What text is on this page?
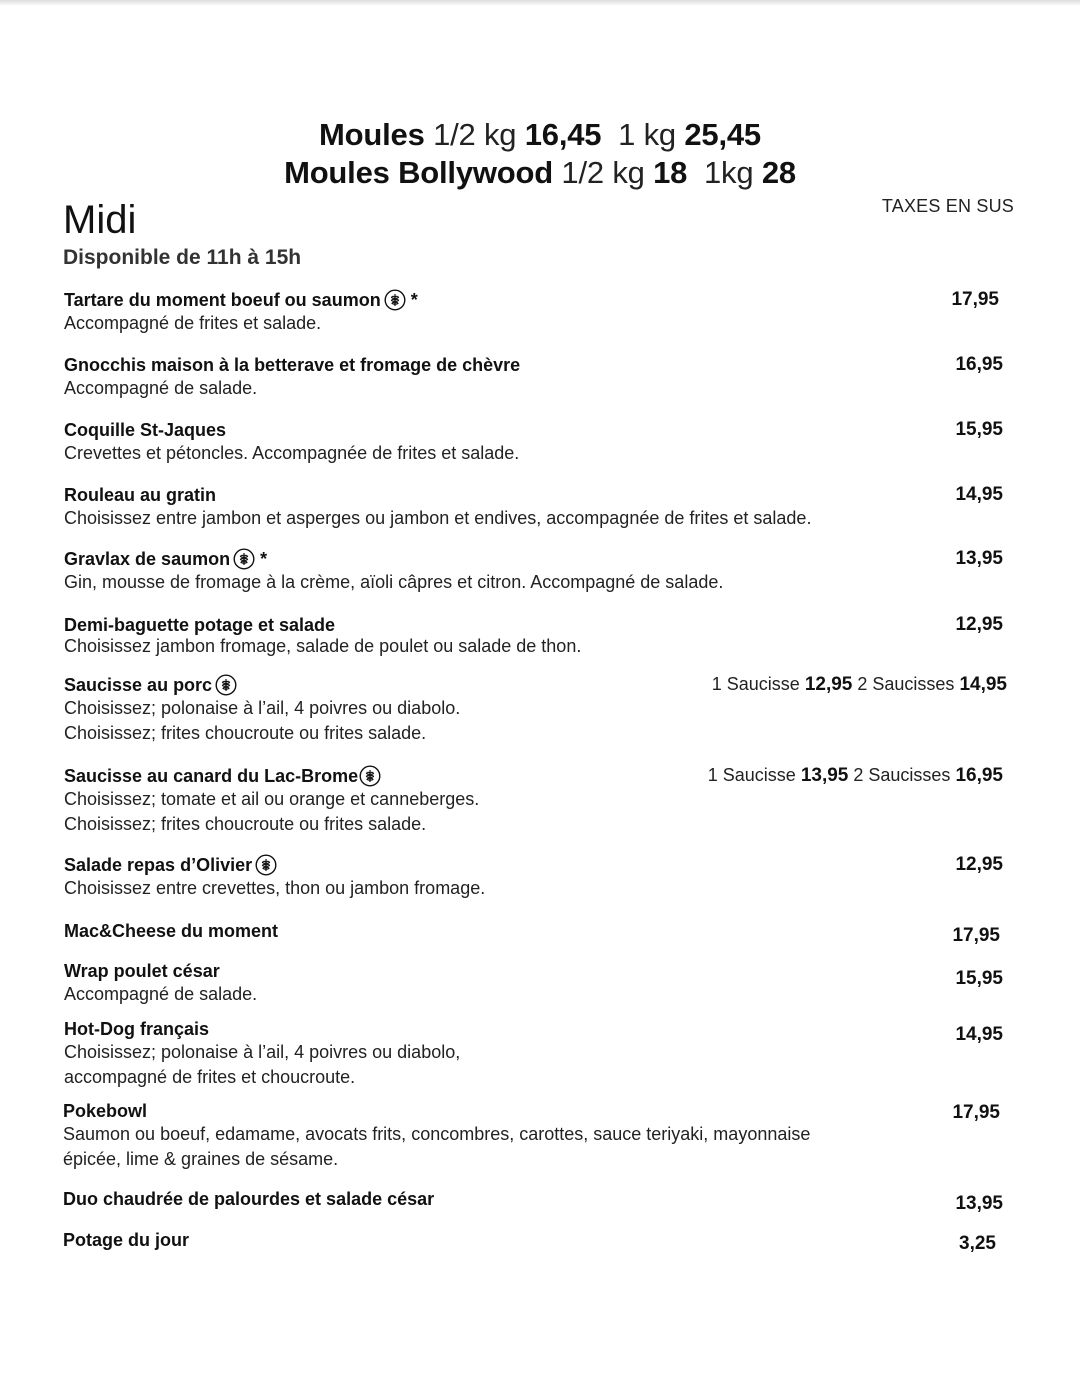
Moules 1/2 kg 16,45 1 kg 25,45
Moules Bollywood 1/2 kg 18 1kg 28
TAXES EN SUS
Midi
Disponible de 11h à 15h
Tartare du moment boeuf ou saumon *
Accompagné de frites et salade.
17,95
Gnocchis maison à la betterave et fromage de chèvre
Accompagné de salade.
16,95
Coquille St-Jaques
Crevettes et pétoncles. Accompagnée de frites et salade.
15,95
Rouleau au gratin
Choisissez entre jambon et asperges ou jambon et endives, accompagnée de frites et salade.
14,95
Gravlax de saumon *
Gin, mousse de fromage à la crème, aïoli câpres et citron. Accompagné de salade.
13,95
Demi-baguette potage et salade
Choisissez jambon fromage, salade de poulet ou salade de thon.
12,95
Saucisse au porc
Choisissez; polonaise à l’ail, 4 poivres ou diabolo.
Choisissez; frites choucroute ou frites salade.
1 Saucisse 12,95 2 Saucisses 14,95
Saucisse au canard du Lac-Brome
Choisissez; tomate et ail ou orange et canneberges.
Choisissez; frites choucroute ou frites salade.
1 Saucisse 13,95 2 Saucisses 16,95
Salade repas d’Olivier
Choisissez entre crevettes, thon ou jambon fromage.
12,95
Mac&Cheese du moment	17,95
Wrap poulet césar
Accompagné de salade.
15,95
Hot-Dog français
Choisissez; polonaise à l’ail, 4 poivres ou diabolo,
accompagné de frites et choucroute.
14,95
Pokebowl
Saumon ou boeuf, edamame, avocats frits, concombres, carottes, sauce teriyaki, mayonnaise
épicée, lime & graines de sésame.
17,95
Duo chaudrée de palourdes et salade césar	13,95
Potage du jour	3,25
